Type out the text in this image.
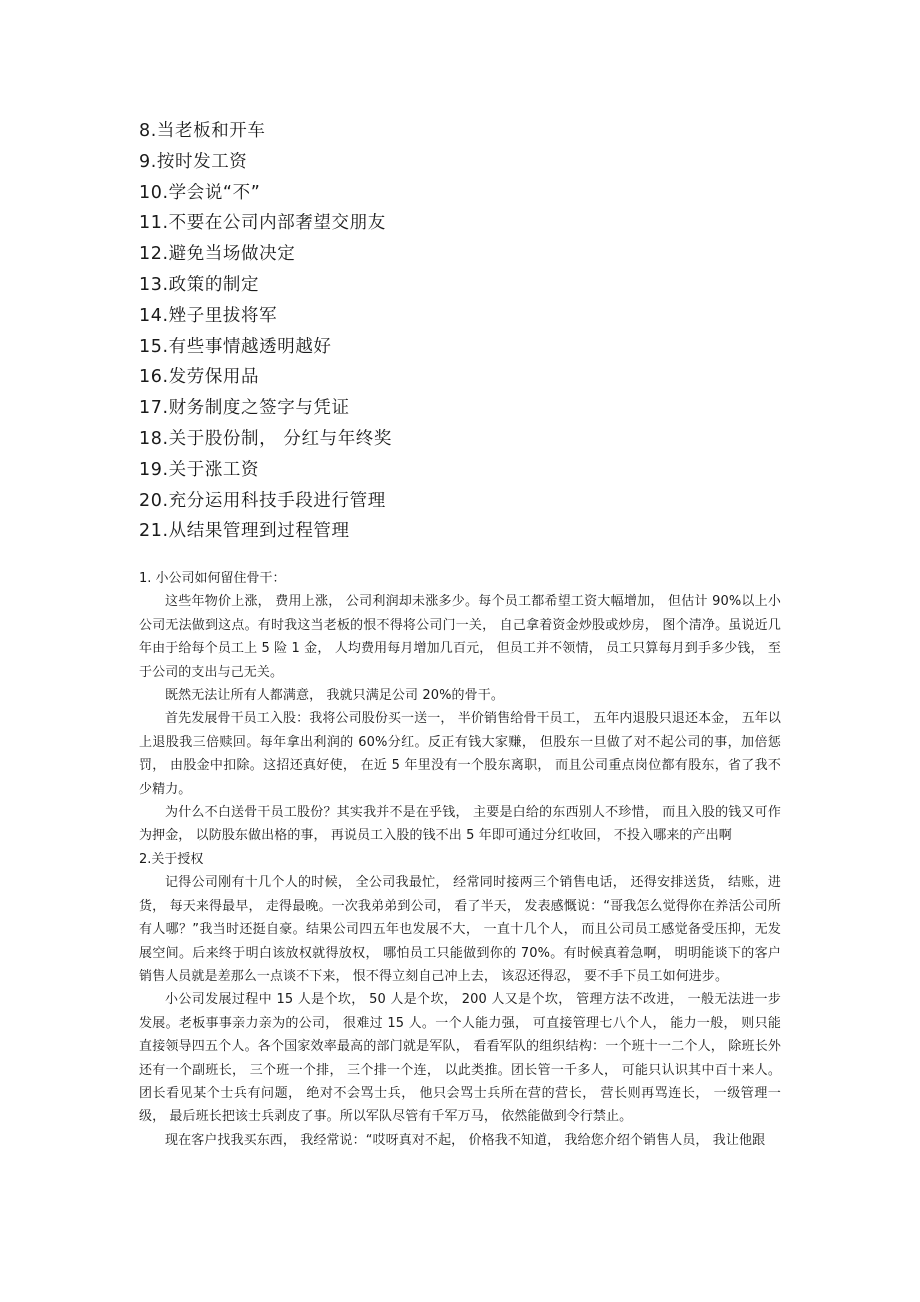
8.当老板和开车
9.按时发工资
10.学会说“不”
11.不要在公司内部奢望交朋友
12.避免当场做决定
13.政策的制定
14.矬子里拔将军
15.有些事情越透明越好
16.发劳保用品
17.财务制度之签字与凭证
18.关于股份制， 分红与年终奖
19.关于涨工资
20.充分运用科技手段进行管理
21.从结果管理到过程管理

1. 小公司如何留住骨干：

这些年物价上涨， 费用上涨， 公司利润却未涨多少。每个员工都希望工资大幅增加， 但估计 90%以上小公司无法做到这点。有时我这当老板的恨不得将公司门一关， 自己拿着资金炒股或炒房， 图个清净。虽说近几年由于给每个员工上 5 险 1 金， 人均费用每月增加几百元， 但员工并不领情， 员工只算每月到手多少钱， 至于公司的支出与己无关。

既然无法让所有人都满意， 我就只满足公司 20%的骨干。

首先发展骨干员工入股：我将公司股份买一送一， 半价销售给骨干员工， 五年内退股只退还本金， 五年以上退股我三倍赎回。每年拿出利润的 60%分红。反正有钱大家赚， 但股东一旦做了对不起公司的事，加倍惩罚， 由股金中扣除。这招还真好使， 在近 5 年里没有一个股东离职， 而且公司重点岗位都有股东，省了我不少精力。

为什么不白送骨干员工股份？其实我并不是在乎钱， 主要是白给的东西别人不珍惜， 而且入股的钱又可作为押金， 以防股东做出格的事， 再说员工入股的钱不出 5 年即可通过分红收回， 不投入哪来的产出啊

2.关于授权

记得公司刚有十几个人的时候， 全公司我最忙， 经常同时接两三个销售电话， 还得安排送货， 结账，进货， 每天来得最早， 走得最晚。一次我弟弟到公司， 看了半天， 发表感慨说：“哥我怎么觉得你在养活公司所有人哪？”我当时还挺自豪。结果公司四五年也发展不大， 一直十几个人， 而且公司员工感觉备受压抑，无发展空间。后来终于明白该放权就得放权， 哪怕员工只能做到你的 70%。有时候真着急啊， 明明能谈下的客户销售人员就是差那么一点谈不下来， 恨不得立刻自己冲上去， 该忍还得忍， 要不手下员工如何进步。

小公司发展过程中 15 人是个坎， 50 人是个坎， 200 人又是个坎， 管理方法不改进， 一般无法进一步发展。老板事事亲力亲为的公司， 很难过 15 人。一个人能力强， 可直接管理七八个人， 能力一般， 则只能直接领导四五个人。各个国家效率最高的部门就是军队， 看看军队的组织结构：一个班十一二个人， 除班长外还有一个副班长， 三个班一个排， 三个排一个连， 以此类推。团长管一千多人， 可能只认识其中百十来人。团长看见某个士兵有问题， 绝对不会骂士兵， 他只会骂士兵所在营的营长， 营长则再骂连长， 一级管理一级， 最后班长把该士兵剥皮了事。所以军队尽管有千军万马， 依然能做到令行禁止。

现在客户找我买东西， 我经常说：“哎呀真对不起， 价格我不知道， 我给您介绍个销售人员， 我让他跟
